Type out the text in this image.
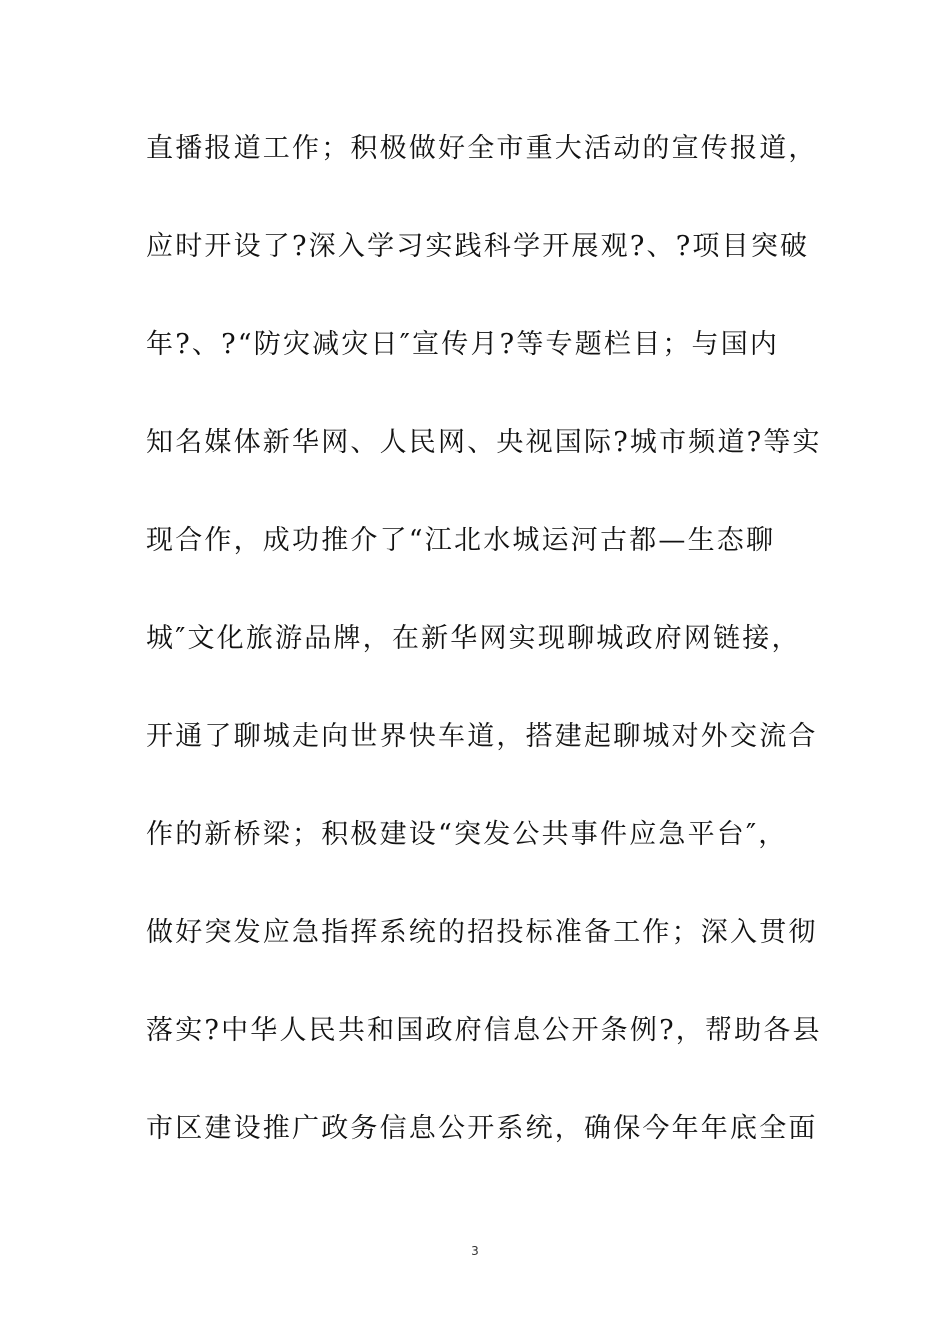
直播报道工作；积极做好全市重大活动的宣传报道，
应时开设了?深入学习实践科学开展观?、?项目突破
年?、?“防灾减灾日″宣传月?等专题栏目；与国内
知名媒体新华网、人民网、央视国际?城市频道?等实
现合作，成功推介了“江北水城运河古都—生态聊
城″文化旅游品牌，在新华网实现聊城政府网链接，
开通了聊城走向世界快车道，搭建起聊城对外交流合
作的新桥梁；积极建设“突发公共事件应急平台″，
做好突发应急指挥系统的招投标准备工作；深入贯彻
落实?中华人民共和国政府信息公开条例?，帮助各县
市区建设推广政务信息公开系统，确保今年年底全面
3
